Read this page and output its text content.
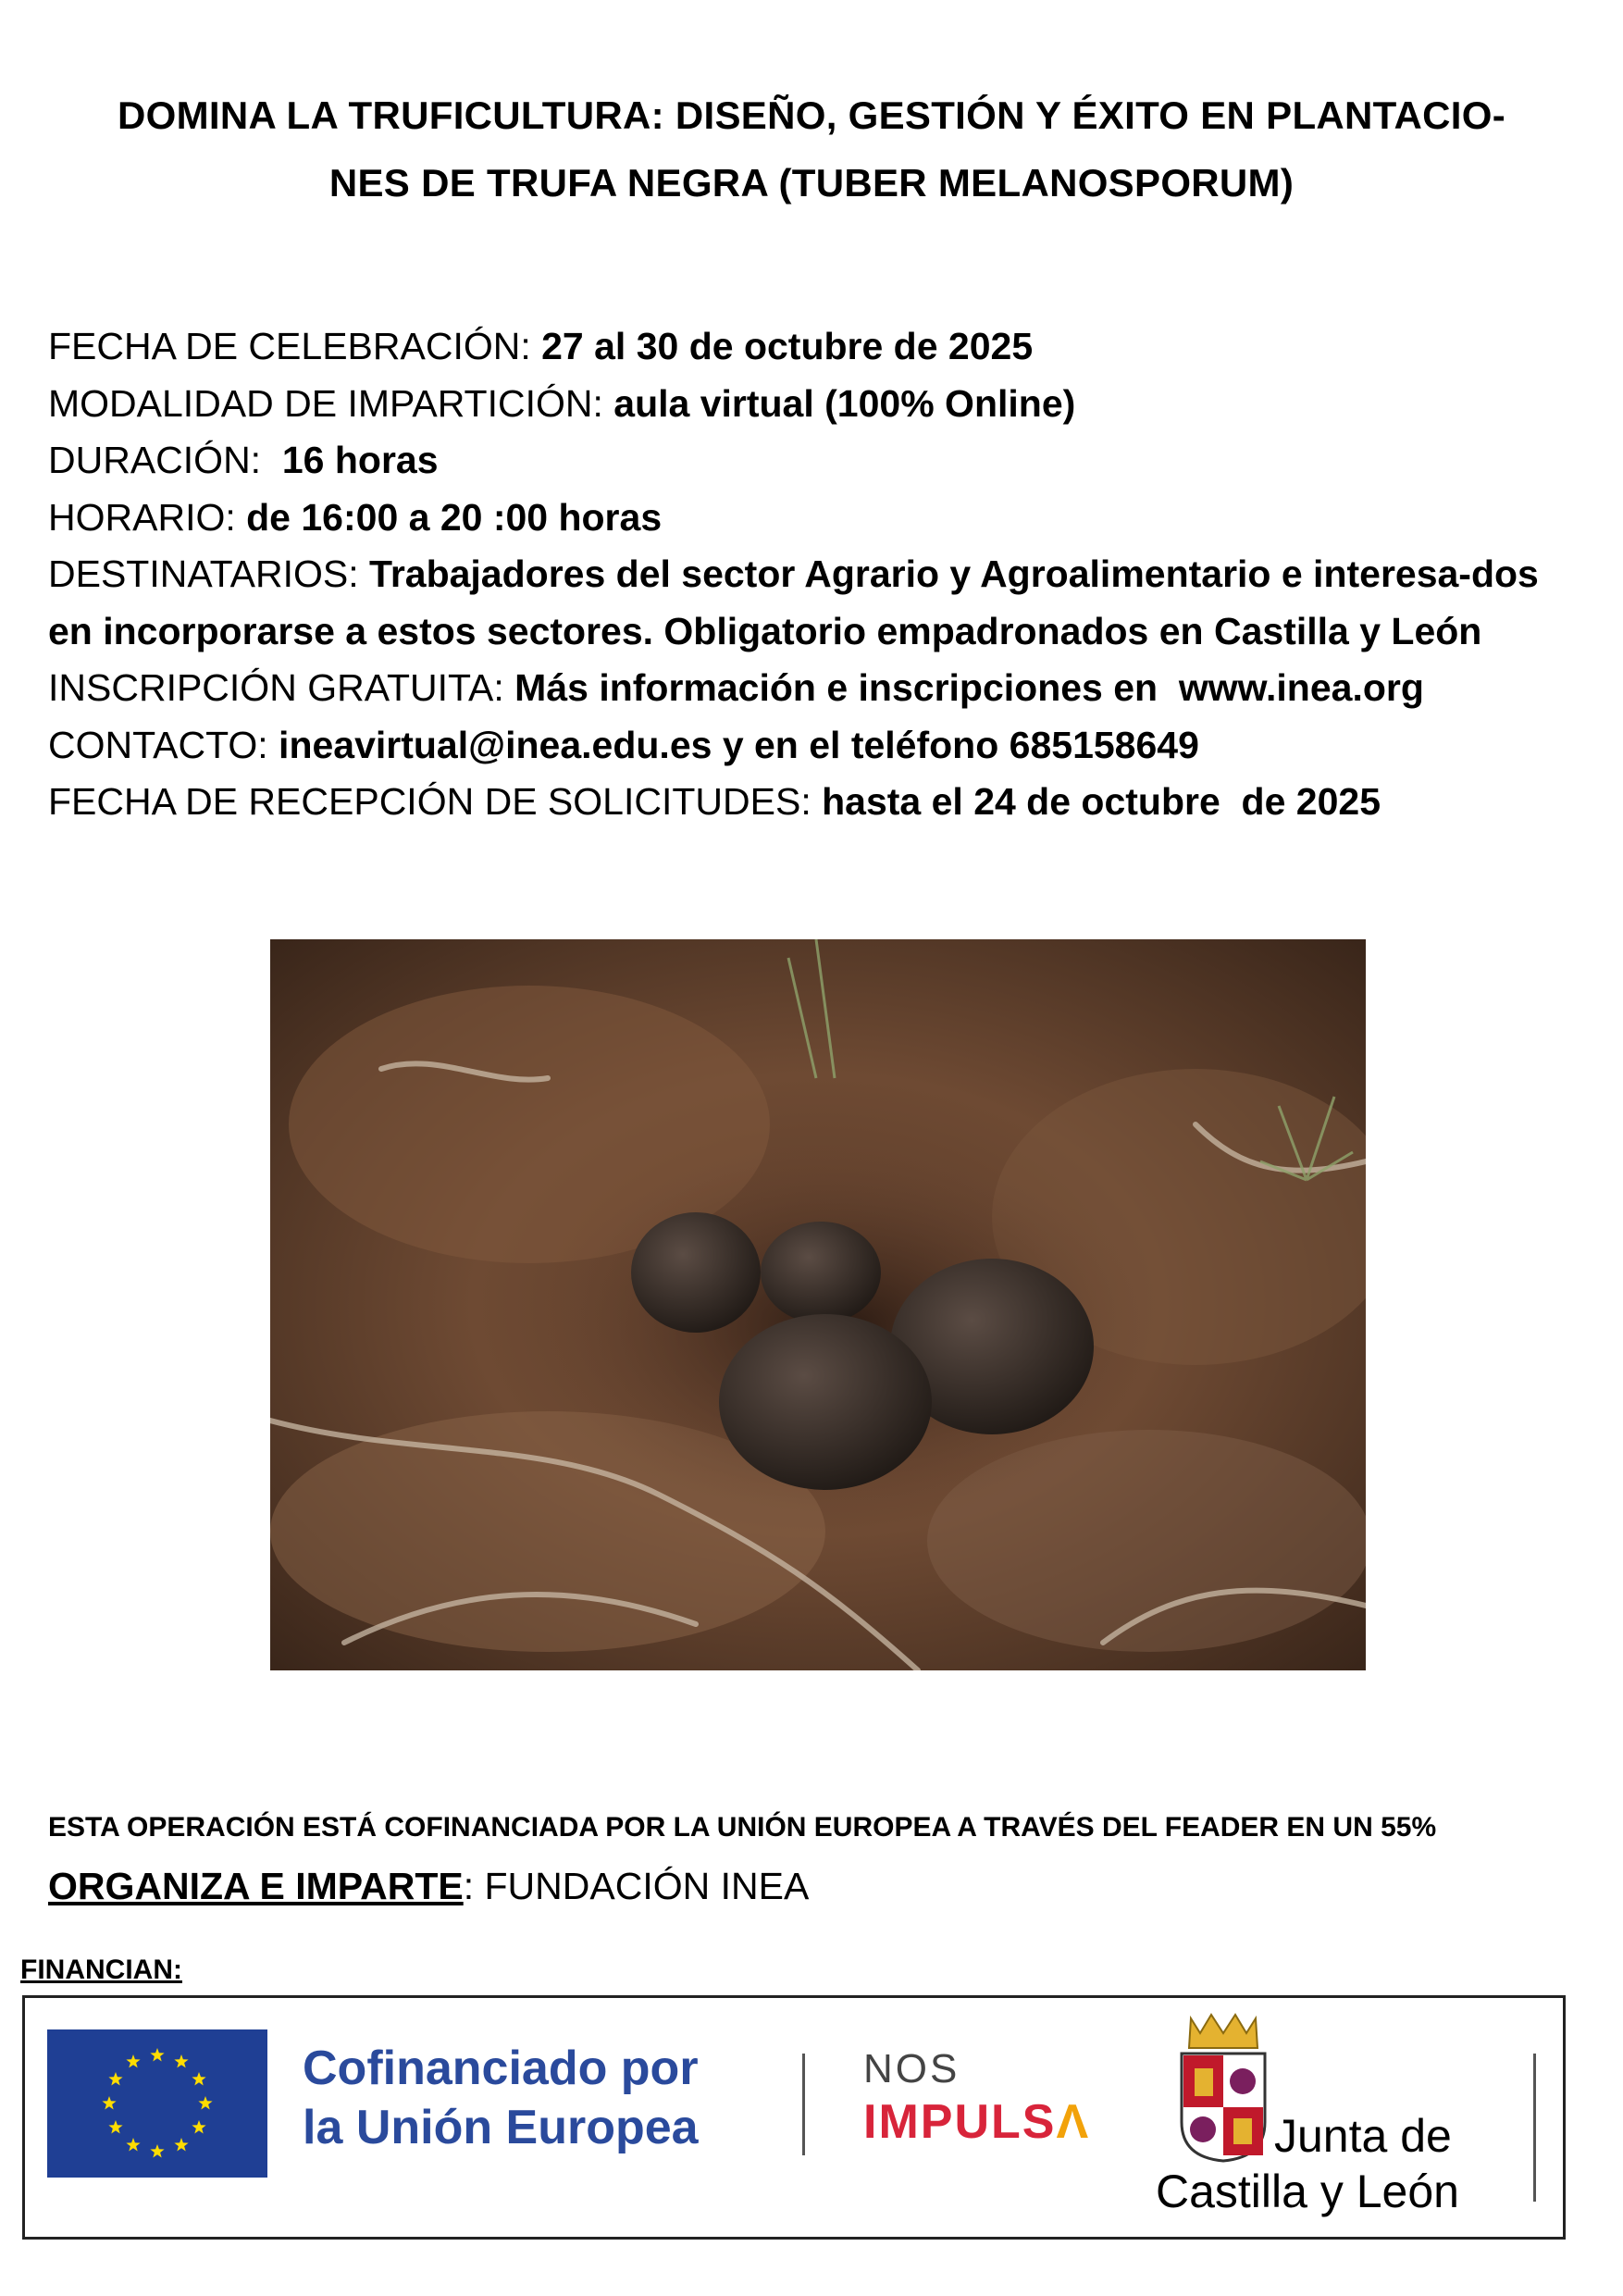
DOMINA LA TRUFICULTURA: DISEÑO, GESTIÓN Y ÉXITO EN PLANTACIO-
NES DE TRUFA NEGRA (TUBER MELANOSPORUM)
FECHA DE CELEBRACIÓN: 27 al 30 de octubre de 2025
MODALIDAD DE IMPARTICIÓN: aula virtual (100% Online)
DURACIÓN:  16 horas
HORARIO: de 16:00 a 20 :00 horas
DESTINATARIOS: Trabajadores del sector Agrario y Agroalimentario e interesa-dos en incorporarse a estos sectores. Obligatorio empadronados en Castilla y León
INSCRIPCIÓN GRATUITA: Más información e inscripciones en  www.inea.org
CONTACTO: ineavirtual@inea.edu.es y en el teléfono 685158649
FECHA DE RECEPCIÓN DE SOLICITUDES: hasta el 24 de octubre  de 2025
ESTA OPERACIÓN ESTÁ COFINANCIADA POR LA UNIÓN EUROPEA A TRAVÉS DEL FEADER EN UN 55%
ORGANIZA E IMPARTE: FUNDACIÓN INEA
FINANCIAN:
Cofinanciado por
la Unión Europea
NOS
IMPULSΛ	Junta de
Castilla y León
